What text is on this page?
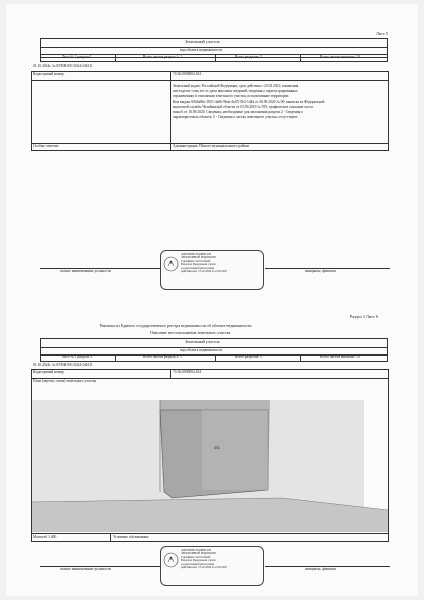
Лист 5
Земельный участок
вид объекта недвижимости
Лист № 1 раздела 1	Всего листов раздела 1: 1	Всего разделов: 5	Всего листов выписки: 10
01.10.2024г. № КУВИ-001/2024-246111
Кадастровый номер:	74:36:0000002:434
Земельный кодекс Российской Федерации, срок действия с 23.03.2021; изменения
шестьдесят семь лет от даты внесения сведений; сведения о зарегистрированных
ограничениях в отношении земельного участка; использование территории
Кем выдан: 6064а8bс-1851-4a0b-9b4a-4a47f 0b3-1d4d от 26.09.2020 № 00; выписка из Федеральной
налоговой службы Челябинской области от 03.09.2019 № 595; графическое описание части
зоны 6 от 16.09.2020. Сведения, необходимые для заполнения раздела 2 - Сведения о
характеристиках объекта: 5 - Сведения о частях земельного участка, отсутствуют.
Особые отметки:	Администрация Уйского муниципального района
полное наименование должности
ДОКУМЕНТ ПОДПИСАН
ЭЛЕКТРОННОЙ ПОДПИСЬЮ
Сертификат: 0a1b3c4d5e6f
Владелец: Федеральная служба
государственной регистрации
Действителен: с 01.03.2024 по 25.05.2025	инициалы, фамилия
Раздел 3 Лист 6
Выписка из Единого государственного реестра недвижимости об объекте недвижимости
Описание местоположения земельного участка
Земельный участок
вид объекта недвижимости
Лист № 1 раздела 3	Всего листов раздела 3: 1	Всего разделов: 5	Всего листов выписки: 10
01.10.2024г. № КУВИ-001/2024-246111
Кадастровый номер:	74:36:0000002:434
План (чертеж, схема) земельного участка
434
Масштаб 1:400	Условные обозначения:
полное наименование должности
ДОКУМЕНТ ПОДПИСАН
ЭЛЕКТРОННОЙ ПОДПИСЬЮ
Сертификат: 0a1b3c4d5e6f
Владелец: Федеральная служба
государственной регистрации
Действителен: с 01.03.2024 по 25.05.2025	инициалы, фамилия
